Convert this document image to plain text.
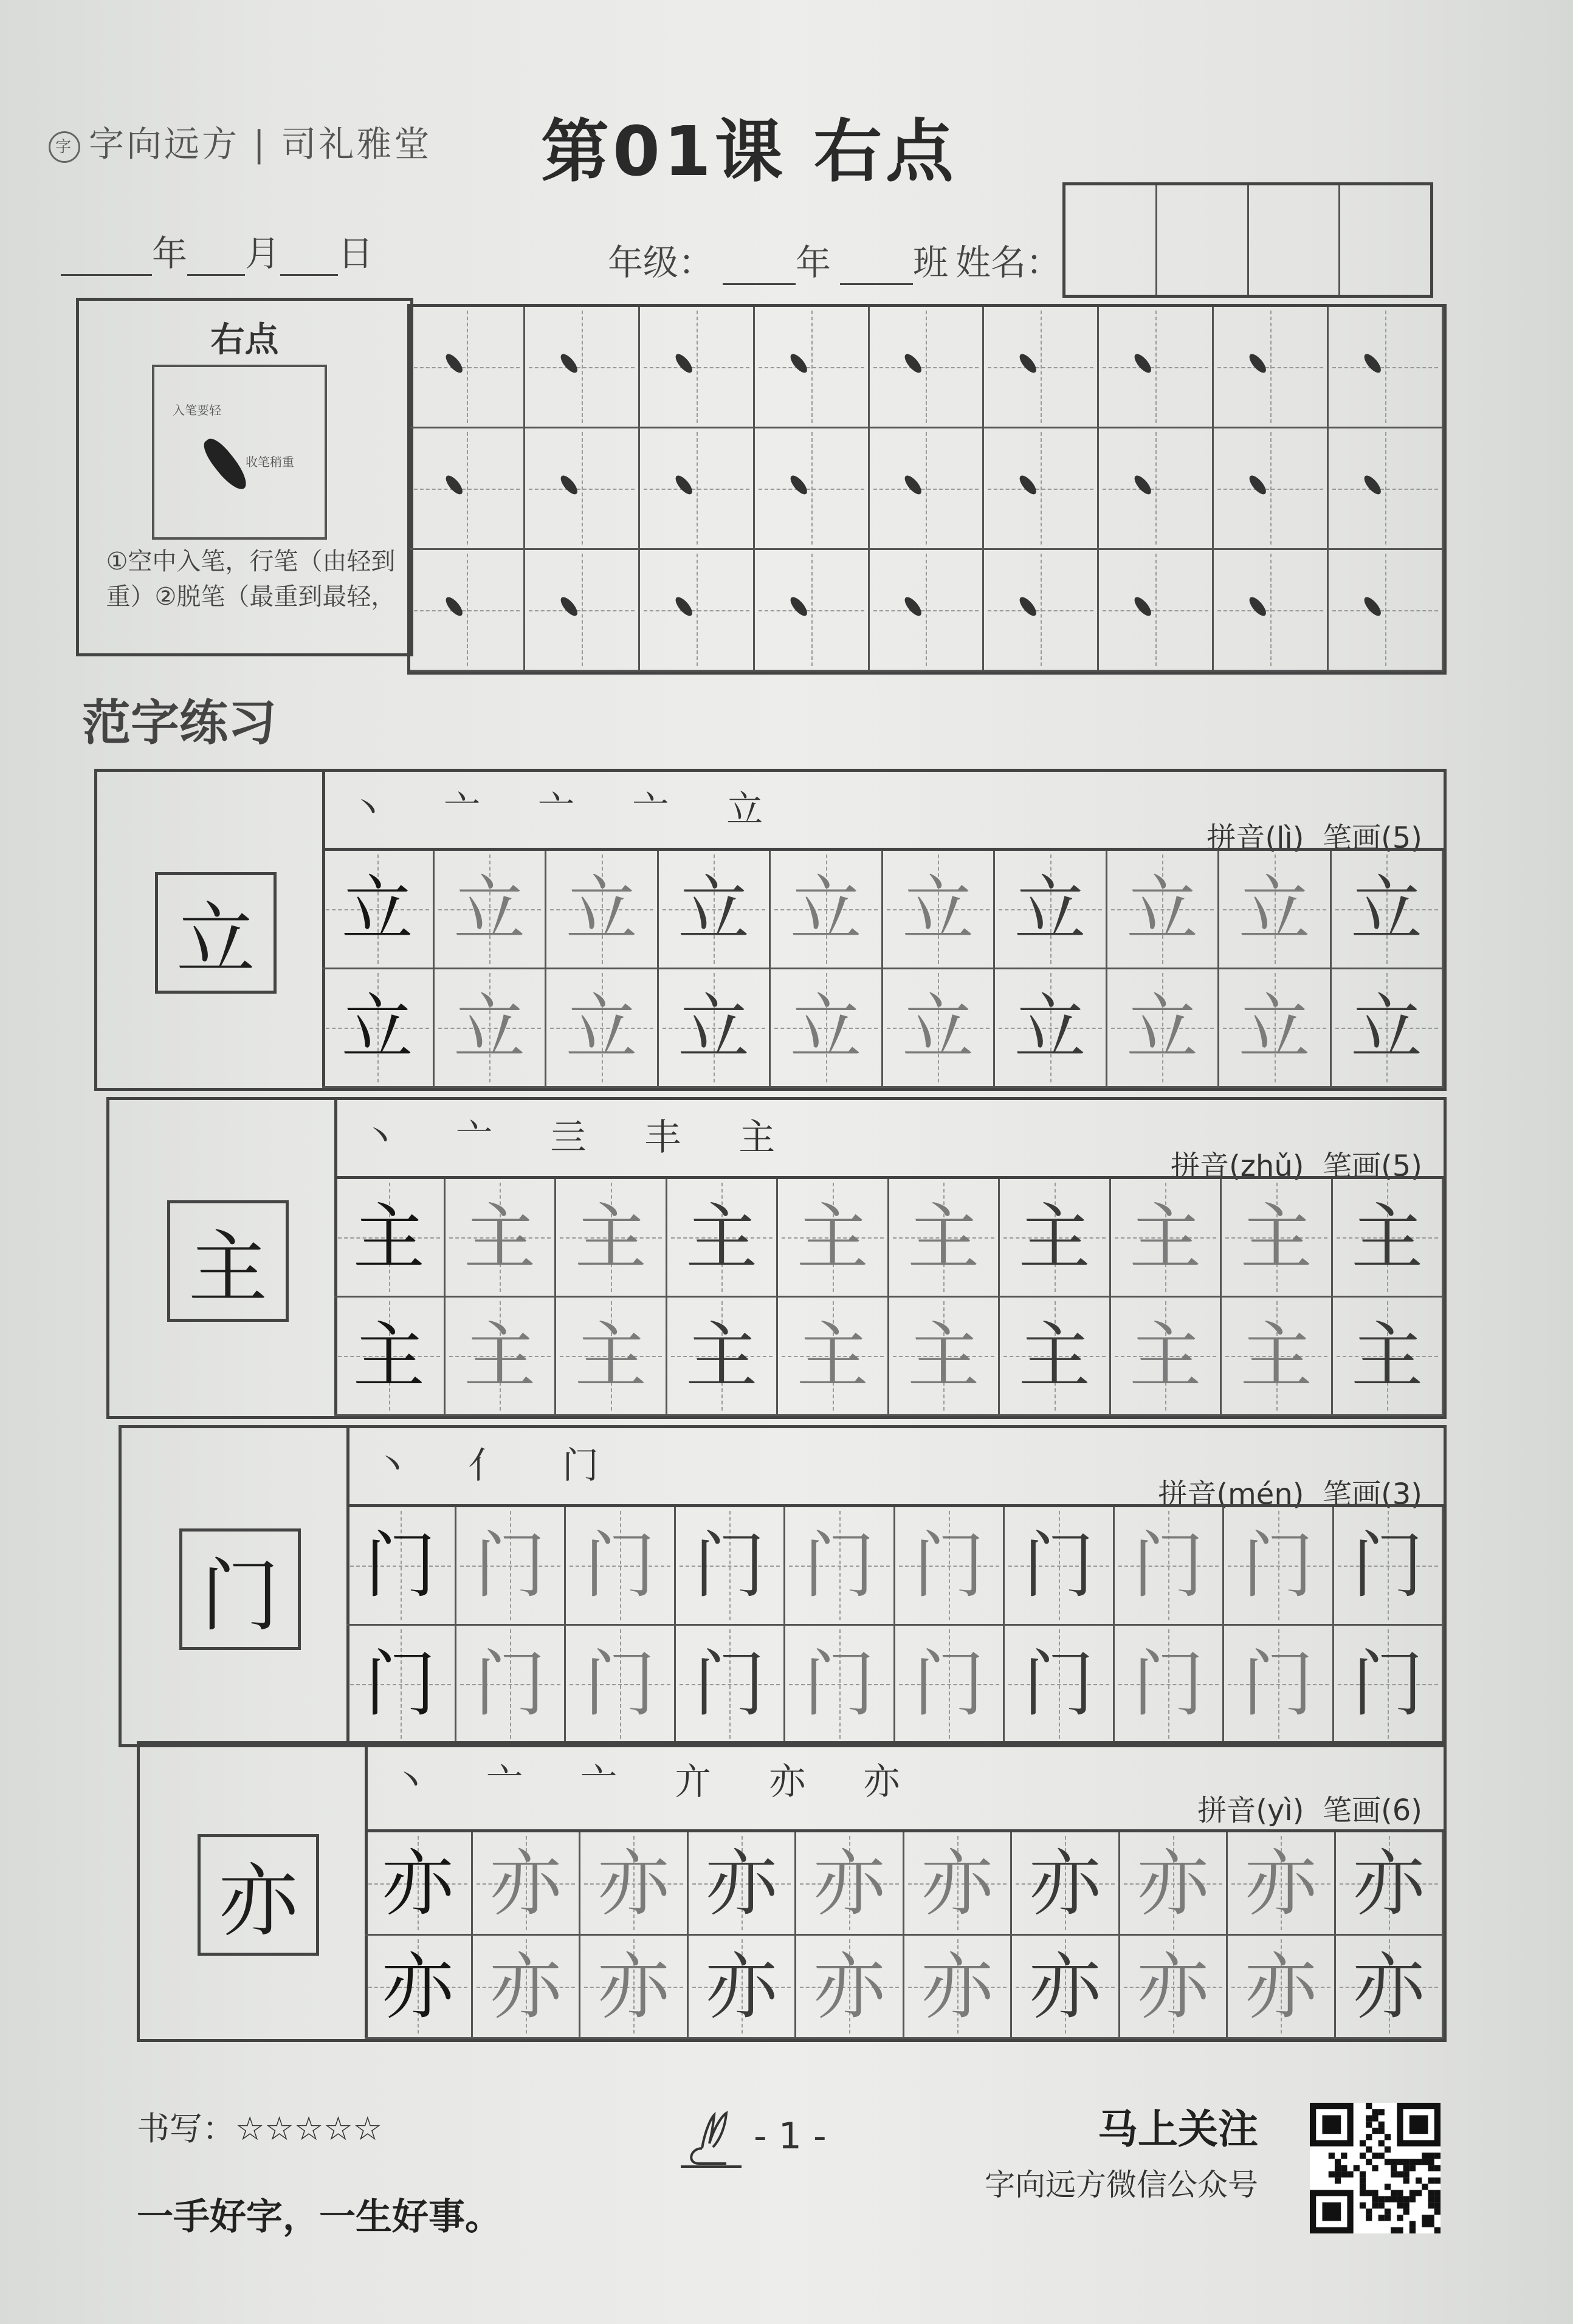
字 字向远方 | 司礼雅堂 第01课 右点
年 月 日	年级： 年 班 姓名：
右点
入笔要轻
收笔稍重
①空中入笔，行笔（由轻到重）②脱笔（最重到最轻，
范字练习
立
丶 亠 亠 亠 立
拼音(lì) 笔画(5)
立 立 立 立 立 立 立 立 立 立
立 立 立 立 立 立 立 立 立 立
主
丶 亠 亖 丰 主
拼音(zhǔ) 笔画(5)
主 主 主 主 主 主 主 主 主 主
主 主 主 主 主 主 主 主 主 主
门
丶 亻 门
拼音(mén) 笔画(3)
门 门 门 门 门 门 门 门 门 门
门 门 门 门 门 门 门 门 门 门
亦
丶 亠 亠 亣 亦 亦
拼音(yì) 笔画(6)
亦 亦 亦 亦 亦 亦 亦 亦 亦 亦
亦 亦 亦 亦 亦 亦 亦 亦 亦 亦
书写：☆☆☆☆☆
一手好字，一生好事。
- 1 -	马上关注
字向远方微信公众号
